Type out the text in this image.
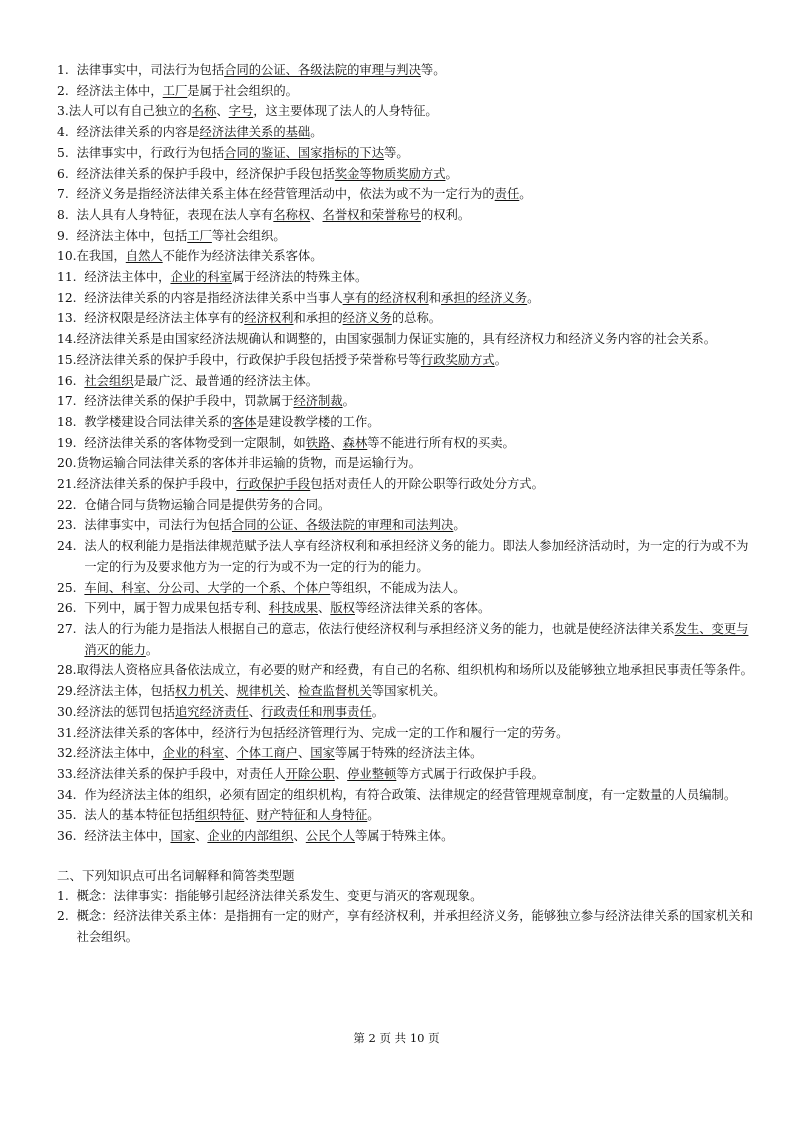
1. 法律事实中，司法行为包括合同的公证、各级法院的审理与判决等。
2. 经济法主体中，工厂是属于社会组织的。
3. 法人可以有自己独立的名称、字号，这主要体现了法人的人身特征。
4. 经济法律关系的内容是经济法律关系的基础。
5. 法律事实中，行政行为包括合同的鉴证、国家指标的下达等。
6. 经济法律关系的保护手段中，经济保护手段包括奖金等物质奖励方式。
7. 经济义务是指经济法律关系主体在经营管理活动中，依法为或不为一定行为的责任。
8. 法人具有人身特征，表现在法人享有名称权、名誉权和荣誉称号的权利。
9. 经济法主体中，包括工厂等社会组织。
10. 在我国，自然人不能作为经济法律关系客体。
11. 经济法主体中，企业的科室属于经济法的特殊主体。
12. 经济法律关系的内容是指经济法律关系中当事人享有的经济权利和承担的经济义务。
13. 经济权限是经济法主体享有的经济权利和承担的经济义务的总称。
14. 经济法律关系是由国家经济法规确认和调整的，由国家强制力保证实施的，具有经济权力和经济义务内容的社会关系。
15. 经济法律关系的保护手段中，行政保护手段包括授予荣誉称号等行政奖励方式。
16. 社会组织是最广泛、最普通的经济法主体。
17. 经济法律关系的保护手段中，罚款属于经济制裁。
18. 教学楼建设合同法律关系的客体是建设教学楼的工作。
19. 经济法律关系的客体物受到一定限制，如铁路、森林等不能进行所有权的买卖。
20. 货物运输合同法律关系的客体并非运输的货物，而是运输行为。
21. 经济法律关系的保护手段中，行政保护手段包括对责任人的开除公职等行政处分方式。
22. 仓储合同与货物运输合同是提供劳务的合同。
23. 法律事实中，司法行为包括合同的公证、各级法院的审理和司法判决。
24. 法人的权利能力是指法律规范赋予法人享有经济权利和承担经济义务的能力。即法人参加经济活动时，为一定的行为或不为一定的行为及要求他方为一定的行为或不为一定的行为的能力。
25. 车间、科室、分公司、大学的一个系、个体户等组织，不能成为法人。
26. 下列中，属于智力成果包括专利、科技成果、版权等经济法律关系的客体。
27. 法人的行为能力是指法人根据自己的意志，依法行使经济权利与承担经济义务的能力，也就是使经济法律关系发生、变更与消灭的能力。
28. 取得法人资格应具备依法成立，有必要的财产和经费，有自己的名称、组织机构和场所以及能够独立地承担民事责任等条件。
29. 经济法主体，包括权力机关、规律机关、检查监督机关等国家机关。
30. 经济法的惩罚包括追究经济责任、行政责任和刑事责任。
31. 经济法律关系的客体中，经济行为包括经济管理行为、完成一定的工作和履行一定的劳务。
32. 经济法主体中，企业的科室、个体工商户、国家等属于特殊的经济法主体。
33. 经济法律关系的保护手段中，对责任人开除公职、停业整顿等方式属于行政保护手段。
34. 作为经济法主体的组织，必须有固定的组织机构，有符合政策、法律规定的经营管理规章制度，有一定数量的人员编制。
35. 法人的基本特征包括组织特征、财产特征和人身特征。
36. 经济法主体中，国家、企业的内部组织、公民个人等属于特殊主体。
二、下列知识点可出名词解释和简答类型题
1. 概念：法律事实：指能够引起经济法律关系发生、变更与消灭的客观现象。
2. 概念：经济法律关系主体：是指拥有一定的财产，享有经济权利，并承担经济义务，能够独立参与经济法律关系的国家机关和社会组织。
第 2 页 共 10 页
